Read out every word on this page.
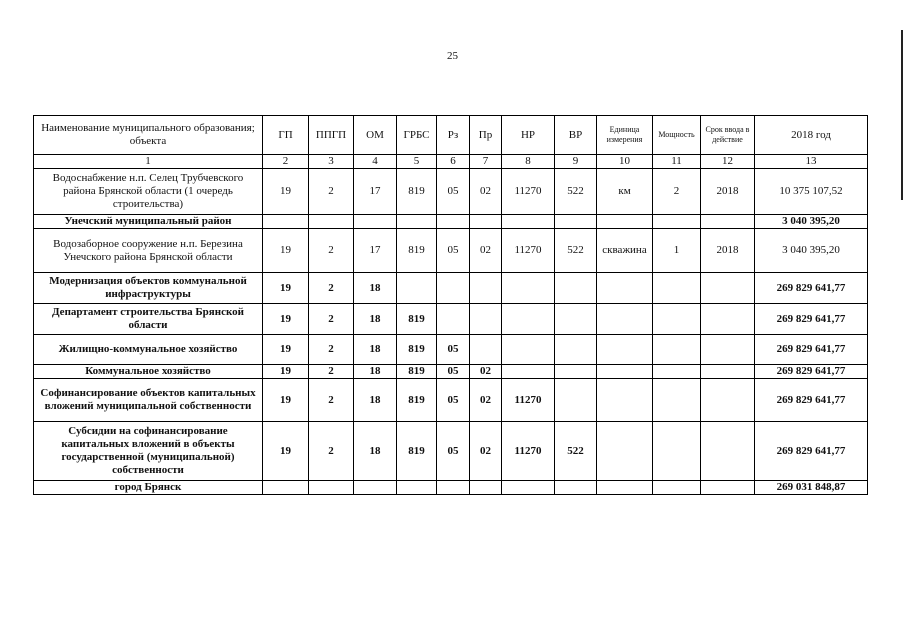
25
Наименование муниципального образования; объекта	ГП	ППГП	ОМ	ГРБС	Рз	Пр	НР	ВР	Единица измерения	Мощность	Срок ввода в действие	2018 год
1	2	3	4	5	6	7	8	9	10	11	12	13
Водоснабжение н.п. Селец Трубчевского района Брянской области (1 очередь строительства)	19	2	17	819	05	02	11270	522	км	2	2018	10 375 107,52
Унечский муниципальный район												3 040 395,20
Водозаборное сооружение н.п. Березина Унечского района Брянской области	19	2	17	819	05	02	11270	522	скважина	1	2018	3 040 395,20
Модернизация объектов коммунальной инфраструктуры	19	2	18									269 829 641,77
Департамент строительства Брянской области	19	2	18	819								269 829 641,77
Жилищно-коммунальное хозяйство	19	2	18	819	05							269 829 641,77
Коммунальное хозяйство	19	2	18	819	05	02						269 829 641,77
Софинансирование объектов капитальных вложений муниципальной собственности	19	2	18	819	05	02	11270					269 829 641,77
Субсидии на софинансирование капитальных вложений в объекты государственной (муниципальной) собственности	19	2	18	819	05	02	11270	522				269 829 641,77
город Брянск												269 031 848,87
